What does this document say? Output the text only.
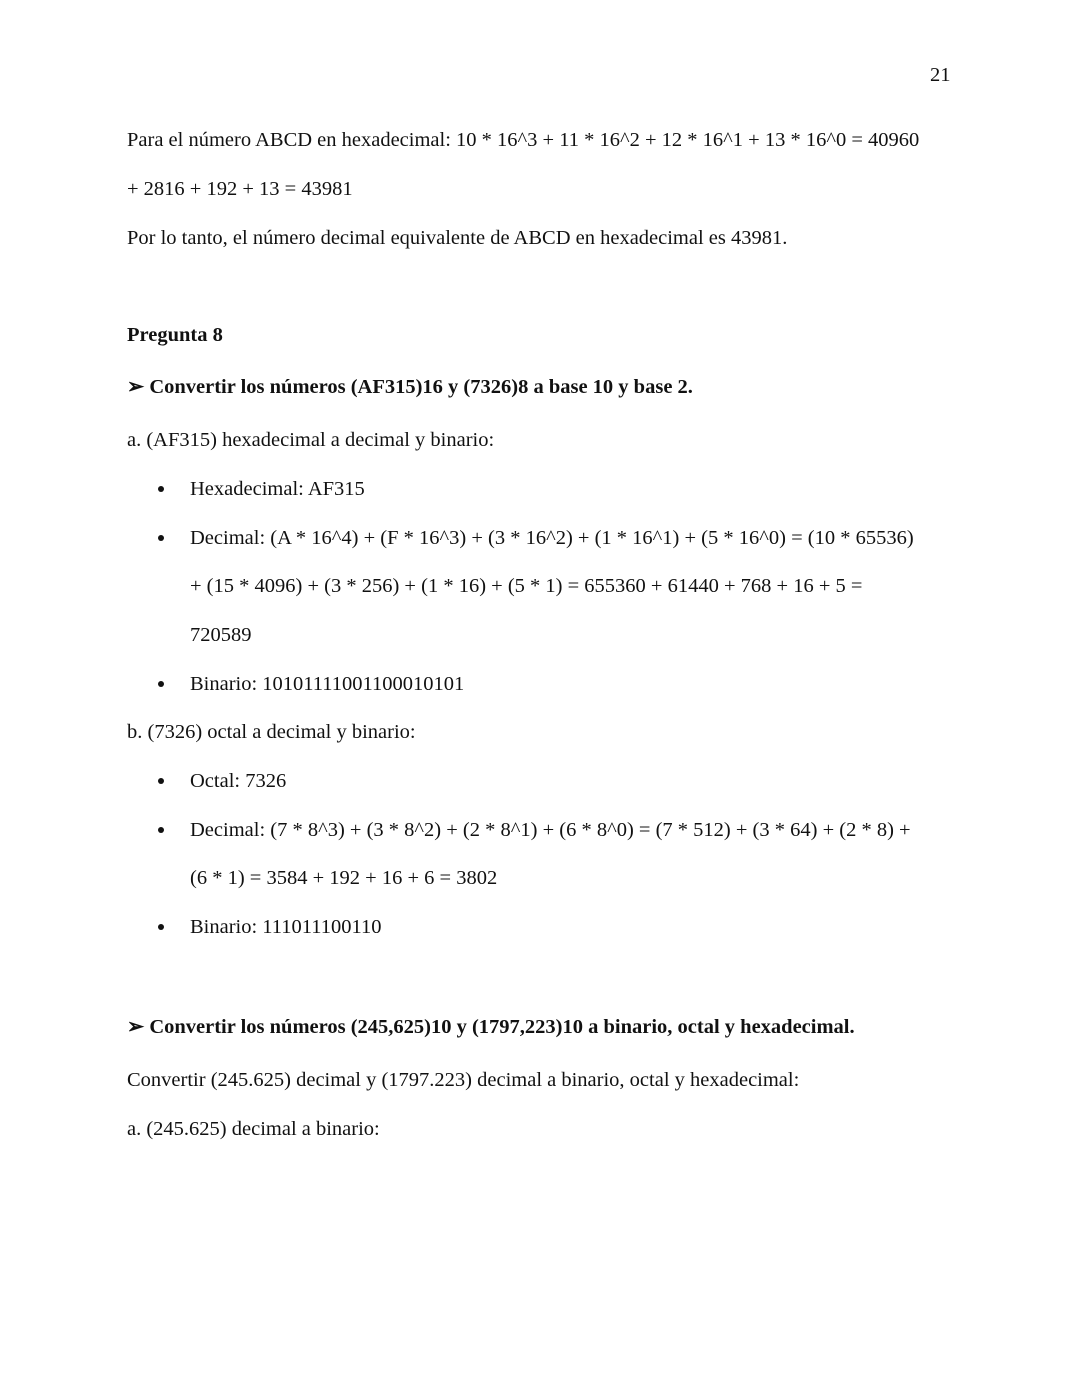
21
Para el número ABCD en hexadecimal: 10 * 16^3 + 11 * 16^2 + 12 * 16^1 + 13 * 16^0 = 40960
+ 2816 + 192 + 13 = 43981
Por lo tanto, el número decimal equivalente de ABCD en hexadecimal es 43981.
Pregunta 8
➢ Convertir los números (AF315)16 y (7326)8 a base 10 y base 2.
a. (AF315) hexadecimal a decimal y binario:
Hexadecimal: AF315
Decimal: (A * 16^4) + (F * 16^3) + (3 * 16^2) + (1 * 16^1) + (5 * 16^0) = (10 * 65536)
+ (15 * 4096) + (3 * 256) + (1 * 16) + (5 * 1) = 655360 + 61440 + 768 + 16 + 5 =
720589
Binario: 10101111001100010101
b. (7326) octal a decimal y binario:
Octal: 7326
Decimal: (7 * 8^3) + (3 * 8^2) + (2 * 8^1) + (6 * 8^0) = (7 * 512) + (3 * 64) + (2 * 8) +
(6 * 1) = 3584 + 192 + 16 + 6 = 3802
Binario: 111011100110
➢ Convertir los números (245,625)10 y (1797,223)10 a binario, octal y hexadecimal.
Convertir (245.625) decimal y (1797.223) decimal a binario, octal y hexadecimal:
a. (245.625) decimal a binario:
